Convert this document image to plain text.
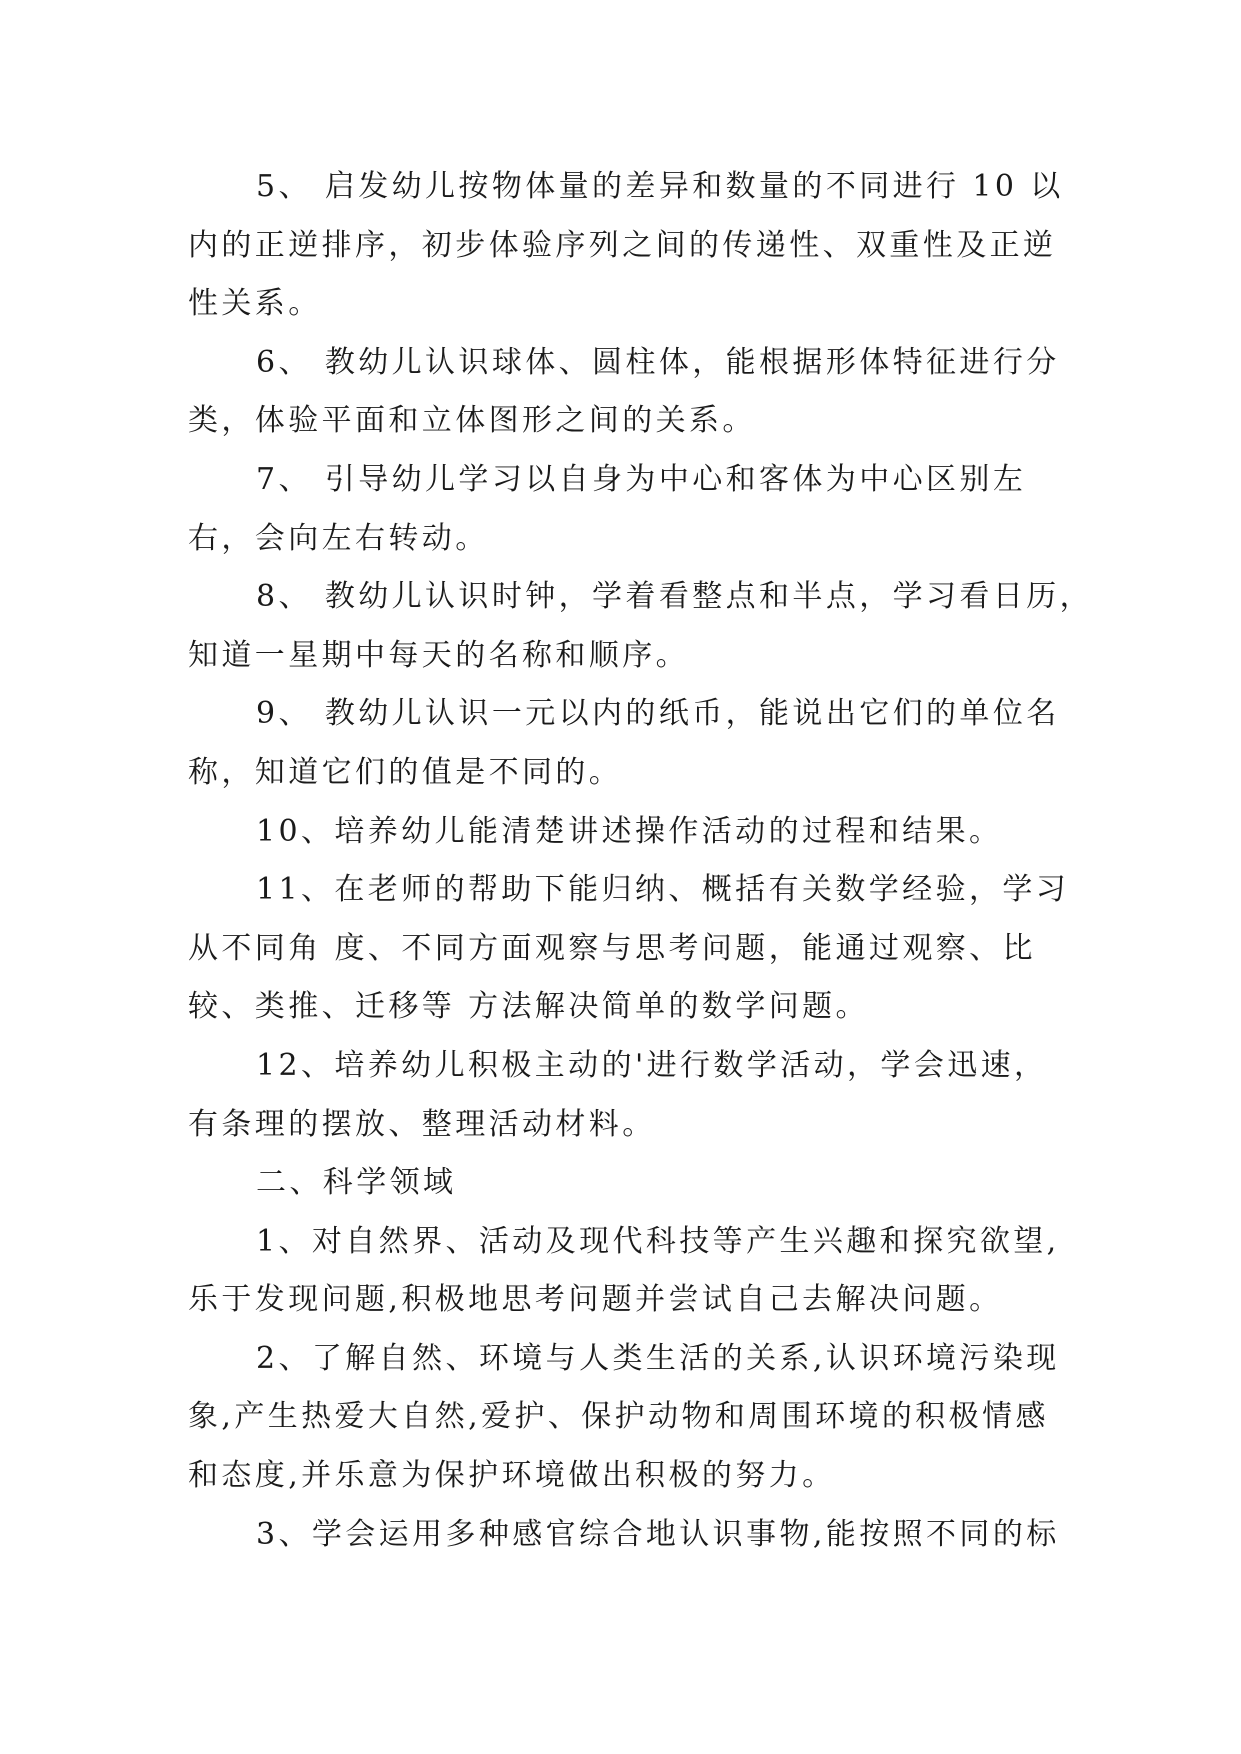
5、 启发幼儿按物体量的差异和数量的不同进行 10 以
内的正逆排序，初步体验序列之间的传递性、双重性及正逆
性关系。

6、 教幼儿认识球体、圆柱体，能根据形体特征进行分
类，体验平面和立体图形之间的关系。

7、 引导幼儿学习以自身为中心和客体为中心区别左
右，会向左右转动。

8、 教幼儿认识时钟，学着看整点和半点，学习看日历，
知道一星期中每天的名称和顺序。

9、 教幼儿认识一元以内的纸币，能说出它们的单位名
称，知道它们的值是不同的。

10、培养幼儿能清楚讲述操作活动的过程和结果。

11、在老师的帮助下能归纳、概括有关数学经验，学习
从不同角 度、不同方面观察与思考问题，能通过观察、比
较、类推、迁移等 方法解决简单的数学问题。

12、培养幼儿积极主动的'进行数学活动，学会迅速，
有条理的摆放、整理活动材料。

二、科学领域

1、对自然界、活动及现代科技等产生兴趣和探究欲望,
乐于发现问题,积极地思考问题并尝试自己去解决问题。

2、了解自然、环境与人类生活的关系,认识环境污染现
象,产生热爱大自然,爱护、保护动物和周围环境的积极情感
和态度,并乐意为保护环境做出积极的努力。

3、学会运用多种感官综合地认识事物,能按照不同的标
